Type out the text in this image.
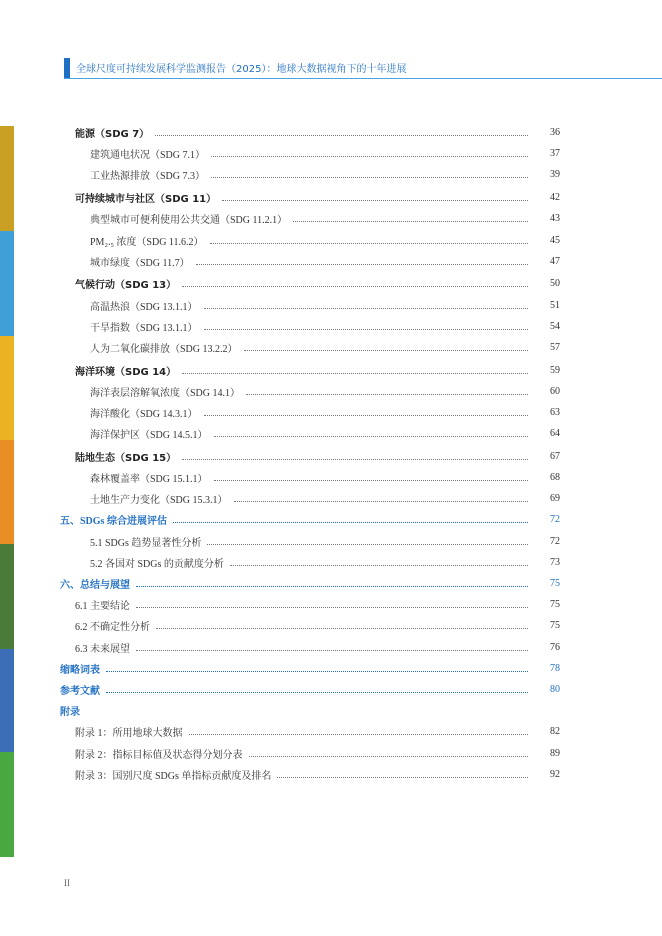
全球尺度可持续发展科学监测报告（2025）：地球大数据视角下的十年进展
能源（SDG 7）	36
建筑通电状况（SDG 7.1）	37
工业热源排放（SDG 7.3）	39
可持续城市与社区（SDG 11）	42
典型城市可便利使用公共交通（SDG 11.2.1）	43
PM₂.₅ 浓度（SDG 11.6.2）	45
城市绿度（SDG 11.7）	47
气候行动（SDG 13）	50
高温热浪（SDG 13.1.1）	51
干旱指数（SDG 13.1.1）	54
人为二氧化碳排放（SDG 13.2.2）	57
海洋环境（SDG 14）	59
海洋表层溶解氧浓度（SDG 14.1）	60
海洋酸化（SDG 14.3.1）	63
海洋保护区（SDG 14.5.1）	64
陆地生态（SDG 15）	67
森林覆盖率（SDG 15.1.1）	68
土地生产力变化（SDG 15.3.1）	69
五、SDGs 综合进展评估	72
5.1 SDGs 趋势显著性分析	72
5.2 各国对 SDGs 的贡献度分析	73
六、总结与展望	75
6.1 主要结论	75
6.2 不确定性分析	75
6.3 未来展望	76
缩略词表	78
参考文献	80
附录
附录 1：所用地球大数据	82
附录 2：指标目标值及状态得分划分表	89
附录 3：国别尺度 SDGs 单指标贡献度及排名	92
II
